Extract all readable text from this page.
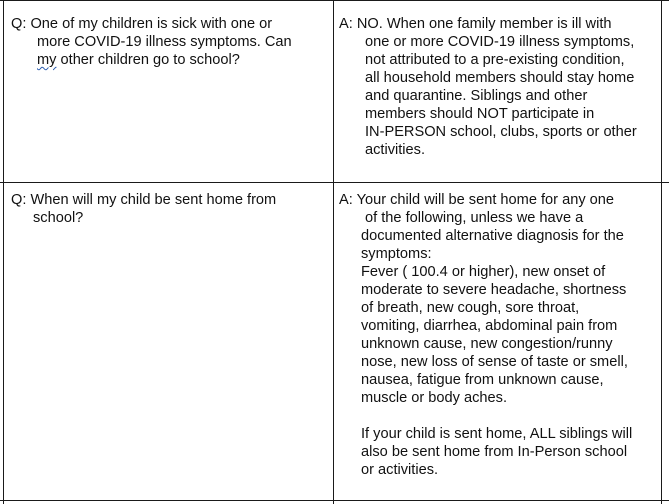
Q: One of my children is sick with one or

more COVID-19 illness symptoms. Can

my other children go to school?

A: NO. When one family member is ill with

one or more COVID-19 illness symptoms,

not attributed to a pre-existing condition,

all household members should stay home

and quarantine. Siblings and other

members should NOT participate in

IN-PERSON school, clubs, sports or other

activities.

Q: When will my child be sent home from

school?

A: Your child will be sent home for any one

of the following, unless we have a

documented alternative diagnosis for the

symptoms:

Fever ( 100.4 or higher), new onset of

moderate to severe headache, shortness

of breath, new cough, sore throat,

vomiting, diarrhea, abdominal pain from

unknown cause, new congestion/runny

nose, new loss of sense of taste or smell,

nausea, fatigue from unknown cause,

muscle or body aches.

If your child is sent home, ALL siblings will

also be sent home from In-Person school

or activities.
